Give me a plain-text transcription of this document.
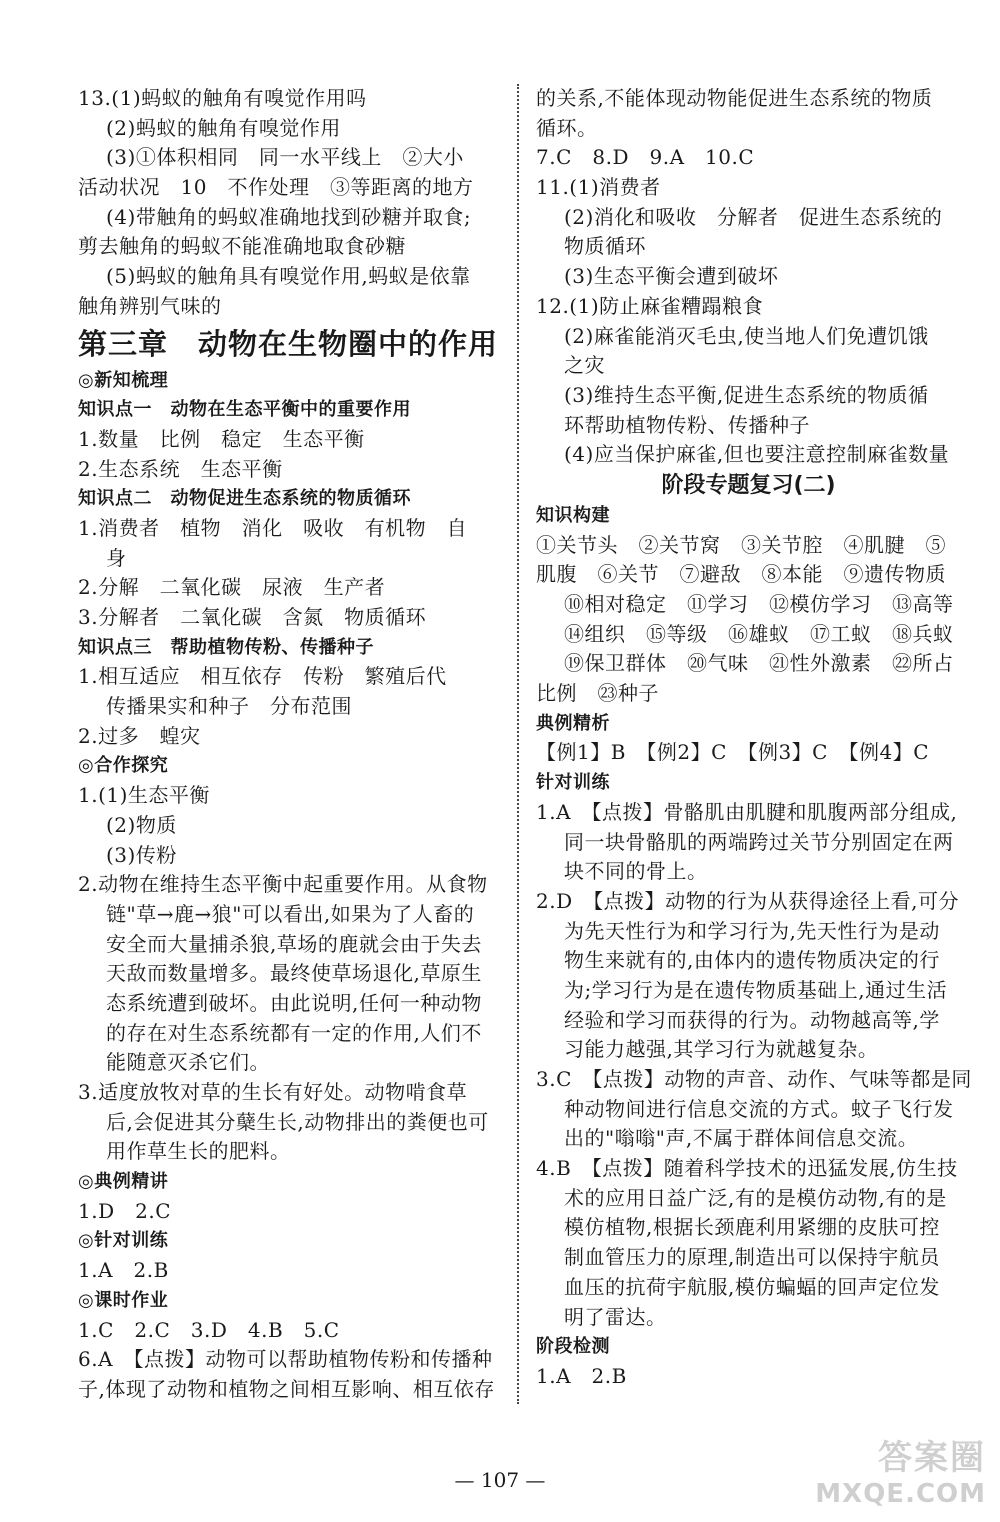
13.(1)蚂蚁的触角有嗅觉作用吗
(2)蚂蚁的触角有嗅觉作用
(3)①体积相同　同一水平线上　②大小
活动状况　10　不作处理　③等距离的地方
(4)带触角的蚂蚁准确地找到砂糖并取食;
剪去触角的蚂蚁不能准确地取食砂糖
(5)蚂蚁的触角具有嗅觉作用,蚂蚁是依靠
触角辨别气味的
第三章　动物在生物圈中的作用
◎新知梳理
知识点一　动物在生态平衡中的重要作用
1.数量　比例　稳定　生态平衡
2.生态系统　生态平衡
知识点二　动物促进生态系统的物质循环
1.消费者　植物　消化　吸收　有机物　自
身
2.分解　二氧化碳　尿液　生产者
3.分解者　二氧化碳　含氮　物质循环
知识点三　帮助植物传粉、传播种子
1.相互适应　相互依存　传粉　繁殖后代
传播果实和种子　分布范围
2.过多　蝗灾
◎合作探究
1.(1)生态平衡
(2)物质
(3)传粉
2.动物在维持生态平衡中起重要作用。从食物
链"草→鹿→狼"可以看出,如果为了人畜的
安全而大量捕杀狼,草场的鹿就会由于失去
天敌而数量增多。最终使草场退化,草原生
态系统遭到破坏。由此说明,任何一种动物
的存在对生态系统都有一定的作用,人们不
能随意灭杀它们。
3.适度放牧对草的生长有好处。动物啃食草
后,会促进其分蘖生长,动物排出的粪便也可
用作草生长的肥料。
◎典例精讲
1.D　2.C
◎针对训练
1.A　2.B
◎课时作业
1.C　2.C　3.D　4.B　5.C
6.A　【点拨】动物可以帮助植物传粉和传播种
子,体现了动物和植物之间相互影响、相互依存
的关系,不能体现动物能促进生态系统的物质
循环。
7.C　8.D　9.A　10.C
11.(1)消费者
(2)消化和吸收　分解者　促进生态系统的
物质循环
(3)生态平衡会遭到破坏
12.(1)防止麻雀糟蹋粮食
(2)麻雀能消灭毛虫,使当地人们免遭饥饿
之灾
(3)维持生态平衡,促进生态系统的物质循
环帮助植物传粉、传播种子
(4)应当保护麻雀,但也要注意控制麻雀数量
阶段专题复习(二)
知识构建
①关节头　②关节窝　③关节腔　④肌腱　⑤
肌腹　⑥关节　⑦避敌　⑧本能　⑨遗传物质
⑩相对稳定　⑪学习　⑫模仿学习　⑬高等
⑭组织　⑮等级　⑯雄蚁　⑰工蚁　⑱兵蚁
⑲保卫群体　⑳气味　㉑性外激素　㉒所占
比例　㉓种子
典例精析
【例1】B　【例2】C　【例3】C　【例4】C
针对训练
1.A　【点拨】骨骼肌由肌腱和肌腹两部分组成,
同一块骨骼肌的两端跨过关节分别固定在两
块不同的骨上。
2.D　【点拨】动物的行为从获得途径上看,可分
为先天性行为和学习行为,先天性行为是动
物生来就有的,由体内的遗传物质决定的行
为;学习行为是在遗传物质基础上,通过生活
经验和学习而获得的行为。动物越高等,学
习能力越强,其学习行为就越复杂。
3.C　【点拨】动物的声音、动作、气味等都是同
种动物间进行信息交流的方式。蚊子飞行发
出的"嗡嗡"声,不属于群体间信息交流。
4.B　【点拨】随着科学技术的迅猛发展,仿生技
术的应用日益广泛,有的是模仿动物,有的是
模仿植物,根据长颈鹿利用紧绷的皮肤可控
制血管压力的原理,制造出可以保持宇航员
血压的抗荷宇航服,模仿蝙蝠的回声定位发
明了雷达。
阶段检测
1.A　2.B
— 107 —
答案圈
MXQE.COM
